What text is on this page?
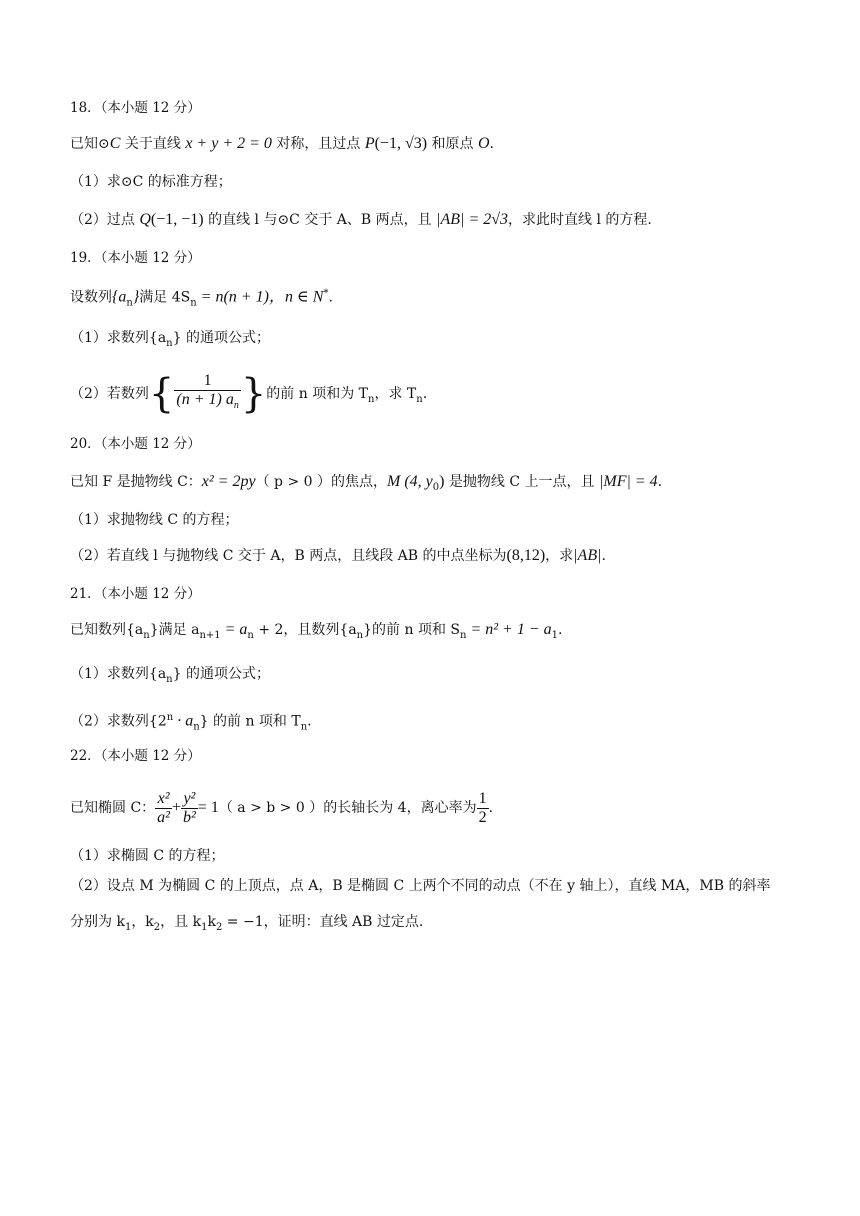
18．（本小题 12 分）
已知⊙C 关于直线 x + y + 2 = 0 对称，且过点 P(−1, √3) 和原点 O.
（1）求⊙C 的标准方程；
（2）过点 Q(−1, −1) 的直线 l 与⊙C 交于 A、B 两点，且 |AB| = 2√3，求此时直线 l 的方程.
19．（本小题 12 分）
设数列$\{a_n\}$满足 $4S_n = n(n + 1)$，n ∈ N*.
（1）求数列$\{a_n\}$ 的通项公式；
（2）若数列{ $\frac{1}{(n + 1) a_n}$ }的前 n 项和为 $T_n$，求 $T_n$.
20．（本小题 12 分）
已知 F 是抛物线 C：x² = 2py（ p > 0 ）的焦点，M (4, $y_0$) 是抛物线 C 上一点，且 |MF| = 4.
（1）求抛物线 C 的方程；
（2）若直线 l 与抛物线 C 交于 A，B 两点，且线段 AB 的中点坐标为(8,12)，求|AB|.
21．（本小题 12 分）
已知数列$\{a_n\}$满足 $a_{n+1} = a_n + 2$，且数列$\{a_n\}$的前 n 项和 $S_n = n^2 + 1 - a_1$.
（1）求数列$\{a_n\}$ 的通项公式；
（2）求数列$\{2^n \cdot a_n\}$ 的前 n 项和 $T_n$.
22．（本小题 12 分）
已知椭圆 C： $\frac{\text{x²}}{\text{a²}} + \frac{\text{y²}}{\text{b²}} = 1$（ a > b > 0 ）的长轴长为 4，离心率为 $\frac{1}{2}$ .
（1）求椭圆 C 的方程；
（2）设点 M 为椭圆 C 的上顶点，点 A，B 是椭圆 C 上两个不同的动点（不在 y 轴上），直线 MA，MB 的斜率
分别为 $k_1$，$k_2$，且 $k_1k_2 = -1$，证明：直线 AB 过定点.
